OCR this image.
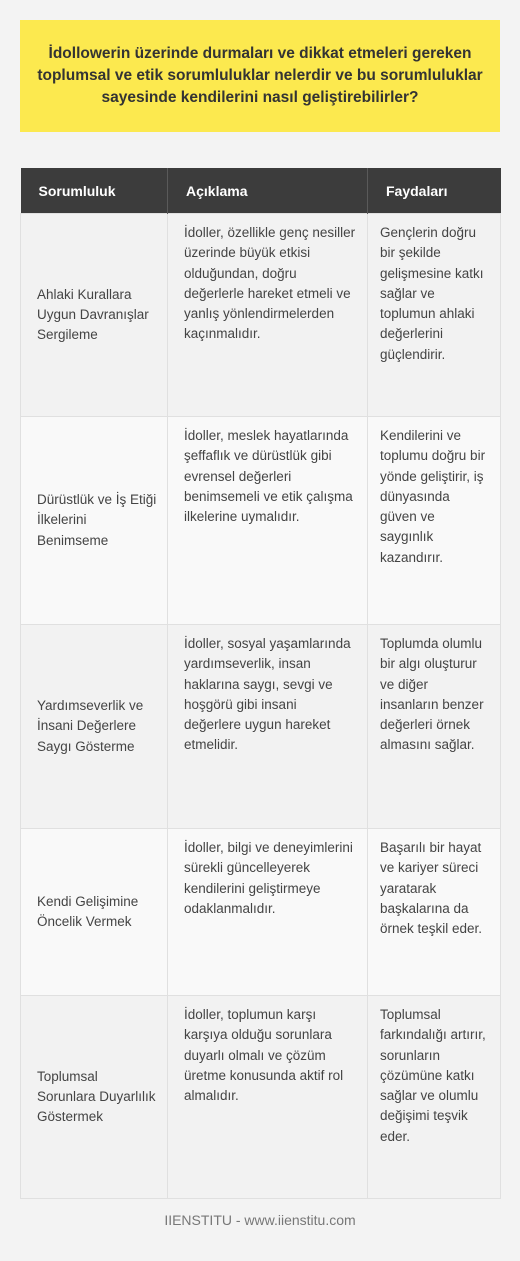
İdollowerin üzerinde durmaları ve dikkat etmeleri gereken toplumsal ve etik sorumluluklar nelerdir ve bu sorumluluklar sayesinde kendilerini nasıl geliştirebilirler?
Sorumluluk	Açıklama	Faydaları
Ahlaki Kurallara Uygun Davranışlar Sergileme	İdoller, özellikle genç nesiller üzerinde büyük etkisi olduğundan, doğru değerlerle hareket etmeli ve yanlış yönlendirmelerden kaçınmalıdır.	Gençlerin doğru bir şekilde gelişmesine katkı sağlar ve toplumun ahlaki değerlerini güçlendirir.
Dürüstlük ve İş Etiği İlkelerini Benimseme	İdoller, meslek hayatlarında şeffaflık ve dürüstlük gibi evrensel değerleri benimsemeli ve etik çalışma ilkelerine uymalıdır.	Kendilerini ve toplumu doğru bir yönde geliştirir, iş dünyasında güven ve saygınlık kazandırır.
Yardımseverlik ve İnsani Değerlere Saygı Gösterme	İdoller, sosyal yaşamlarında yardımseverlik, insan haklarına saygı, sevgi ve hoşgörü gibi insani değerlere uygun hareket etmelidir.	Toplumda olumlu bir algı oluşturur ve diğer insanların benzer değerleri örnek almasını sağlar.
Kendi Gelişimine Öncelik Vermek	İdoller, bilgi ve deneyimlerini sürekli güncelleyerek kendilerini geliştirmeye odaklanmalıdır.	Başarılı bir hayat ve kariyer süreci yaratarak başkalarına da örnek teşkil eder.
Toplumsal Sorunlara Duyarlılık Göstermek	İdoller, toplumun karşı karşıya olduğu sorunlara duyarlı olmalı ve çözüm üretme konusunda aktif rol almalıdır.	Toplumsal farkındalığı artırır, sorunların çözümüne katkı sağlar ve olumlu değişimi teşvik eder.
IIENSTITU - www.iienstitu.com
